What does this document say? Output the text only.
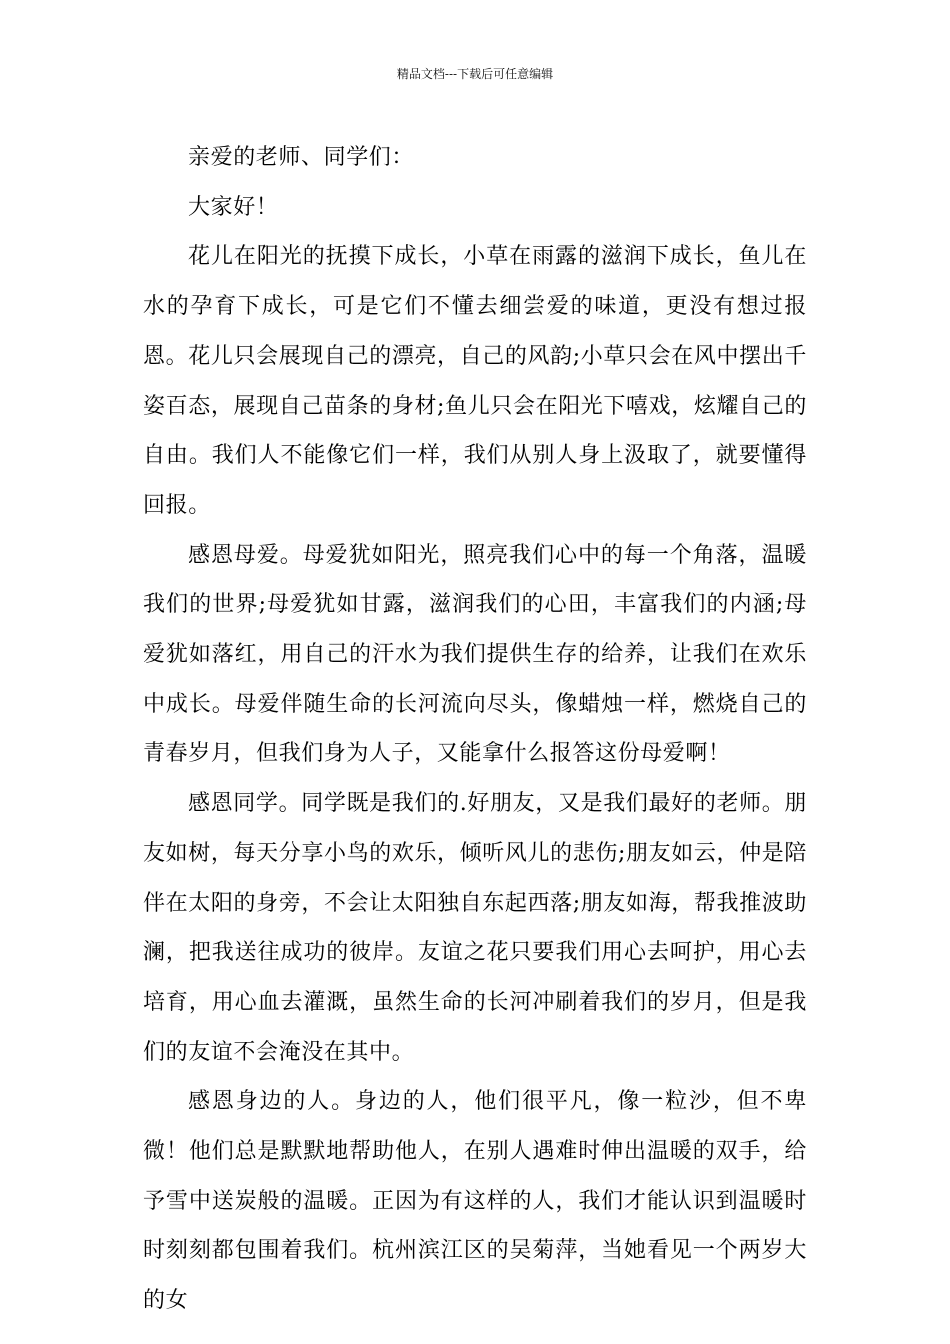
精品文档---下载后可任意编辑

亲爱的老师、同学们：

大家好！

花儿在阳光的抚摸下成长，小草在雨露的滋润下成长，鱼儿在水的孕育下成长，可是它们不懂去细尝爱的味道，更没有想过报恩。花儿只会展现自己的漂亮，自己的风韵;小草只会在风中摆出千姿百态，展现自己苗条的身材;鱼儿只会在阳光下嘻戏，炫耀自己的自由。我们人不能像它们一样，我们从别人身上汲取了，就要懂得回报。

感恩母爱。母爱犹如阳光，照亮我们心中的每一个角落，温暖我们的世界;母爱犹如甘露，滋润我们的心田，丰富我们的内涵;母爱犹如落红，用自己的汗水为我们提供生存的给养，让我们在欢乐中成长。母爱伴随生命的长河流向尽头，像蜡烛一样，燃烧自己的青春岁月，但我们身为人子，又能拿什么报答这份母爱啊！

感恩同学。同学既是我们的.好朋友，又是我们最好的老师。朋友如树，每天分享小鸟的欢乐，倾听风儿的悲伤;朋友如云，仲是陪伴在太阳的身旁，不会让太阳独自东起西落;朋友如海，帮我推波助澜，把我送往成功的彼岸。友谊之花只要我们用心去呵护，用心去培育，用心血去灌溉，虽然生命的长河冲刷着我们的岁月，但是我们的友谊不会淹没在其中。

感恩身边的人。身边的人，他们很平凡，像一粒沙，但不卑微！他们总是默默地帮助他人，在别人遇难时伸出温暖的双手，给予雪中送炭般的温暖。正因为有这样的人，我们才能认识到温暖时时刻刻都包围着我们。杭州滨江区的吴菊萍，当她看见一个两岁大的女
